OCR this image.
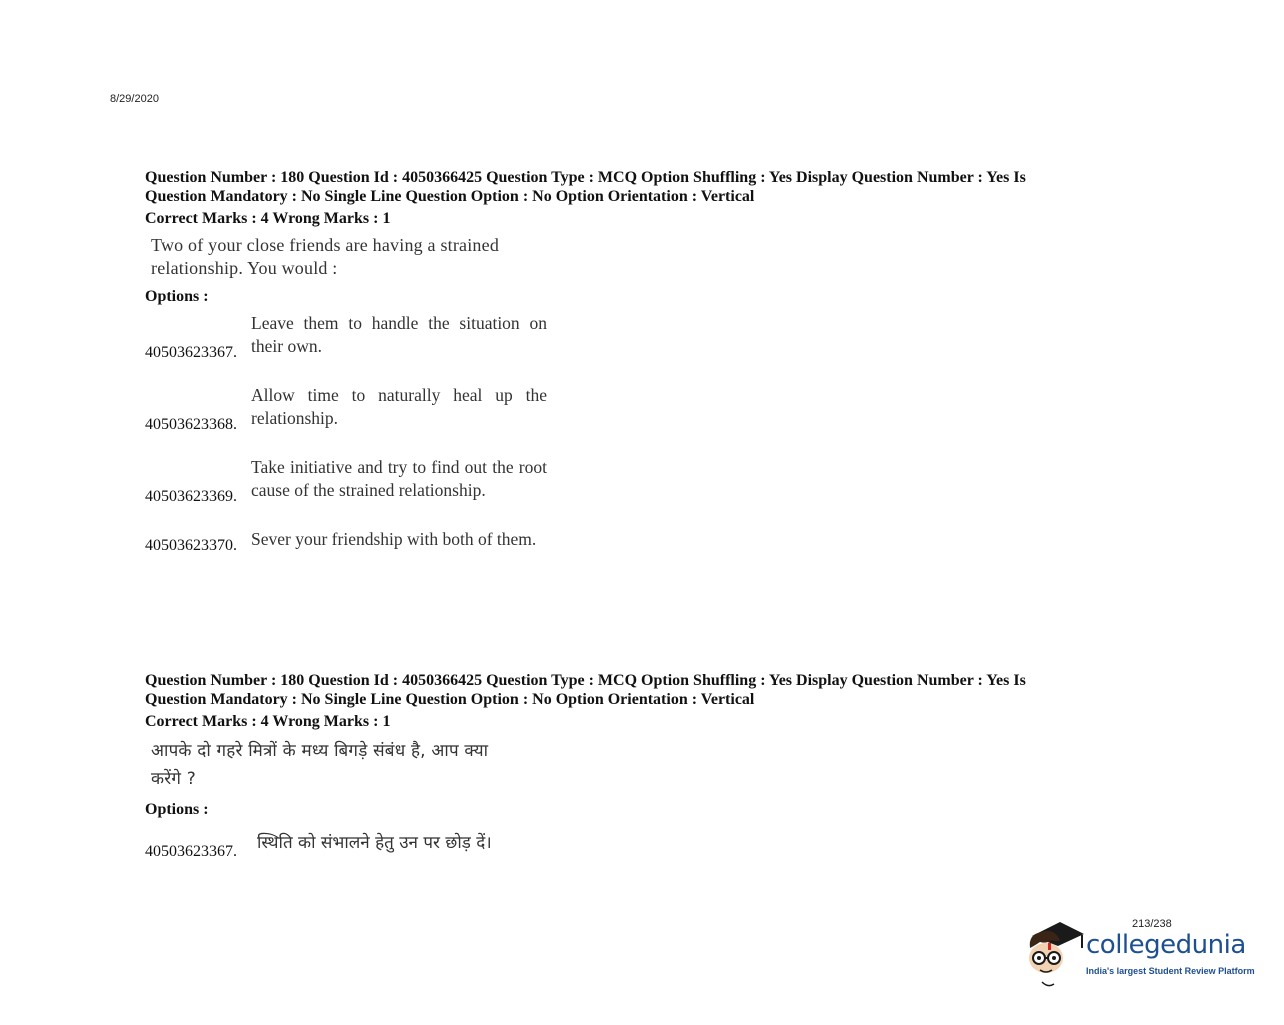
8/29/2020

Question Number : 180 Question Id : 4050366425 Question Type : MCQ Option Shuffling : Yes Display Question Number : Yes Is

Question Mandatory : No Single Line Question Option : No Option Orientation : Vertical

Correct Marks : 4 Wrong Marks : 1
Two of your close friends are having a strained relationship. You would :
Options :
40503623367.
Leave them to handle the situation on their own.
40503623368.
Allow time to naturally heal up the relationship.
40503623369.
Take initiative and try to find out the root cause of the strained relationship.
40503623370. Sever your friendship with both of them.

Question Number : 180 Question Id : 4050366425 Question Type : MCQ Option Shuffling : Yes Display Question Number : Yes Is

Question Mandatory : No Single Line Question Option : No Option Orientation : Vertical

Correct Marks : 4 Wrong Marks : 1
आपके दो गहरे मित्रों के मध्य बिगड़े संबंध है, आप क्या करेंगे ?
Options :
40503623367.	स्थिति को संभालने हेतु उन पर छोड़ दें।
213/238
collegedunia
India's largest Student Review Platform
